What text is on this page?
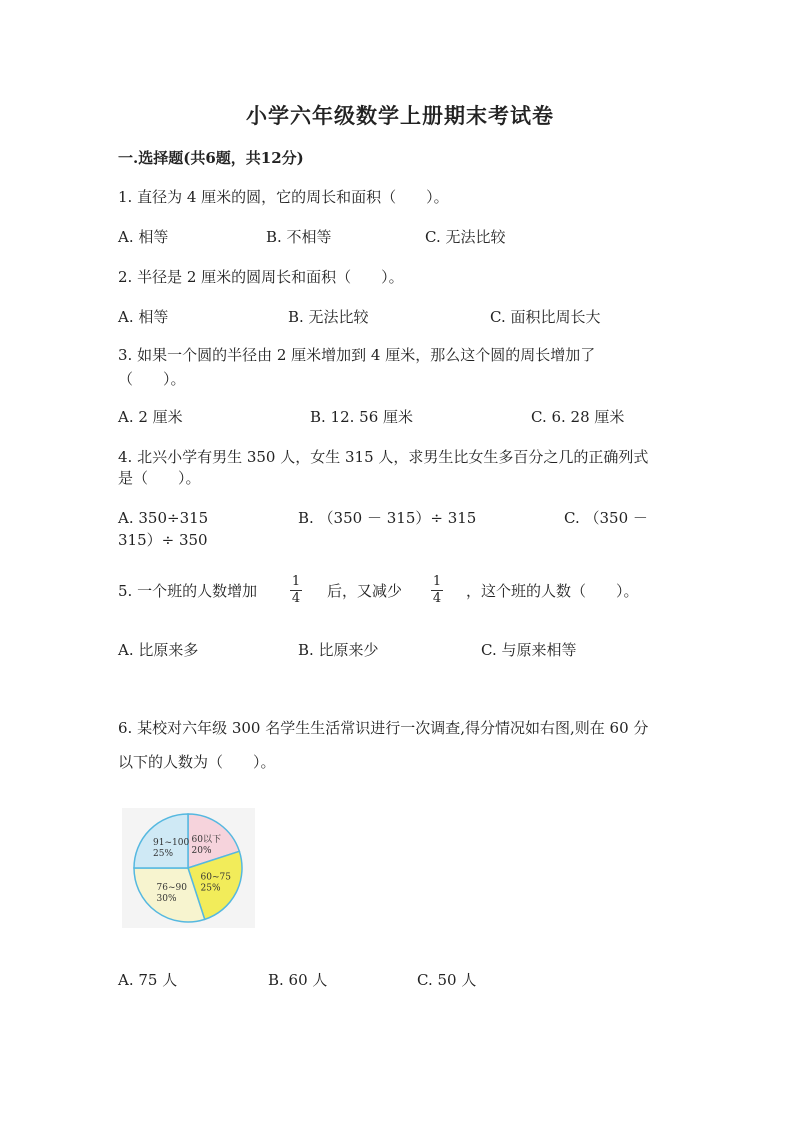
小学六年级数学上册期末考试卷
一.选择题(共6题，共12分)
1. 直径为 4 厘米的圆，它的周长和面积（　　）。
A. 相等	B. 不相等	C. 无法比较
2. 半径是 2 厘米的圆周长和面积（　　）。
A. 相等	B. 无法比较	C. 面积比周长大
3. 如果一个圆的半径由 2 厘米增加到 4 厘米，那么这个圆的周长增加了
（　　）。
A. 2 厘米	B. 12. 56 厘米	C. 6. 28 厘米
4. 北兴小学有男生 350 人，女生 315 人，求男生比女生多百分之几的正确列式
是（　　）。
A. 350÷315	B. （350 － 315）÷ 315	C. （350 －
315）÷ 350
5. 一个班的人数增加
1
4 后，又减少
1
4 ，这个班的人数（　　）。
A. 比原来多	B. 比原来少	C. 与原来相等
6. 某校对六年级 300 名学生生活常识进行一次调查,得分情况如右图,则在 60 分
以下的人数为（　　）。
60以下
20%
60~75
25%
76~90
30%
91~100
25%
A. 75 人	B. 60 人	C. 50 人
